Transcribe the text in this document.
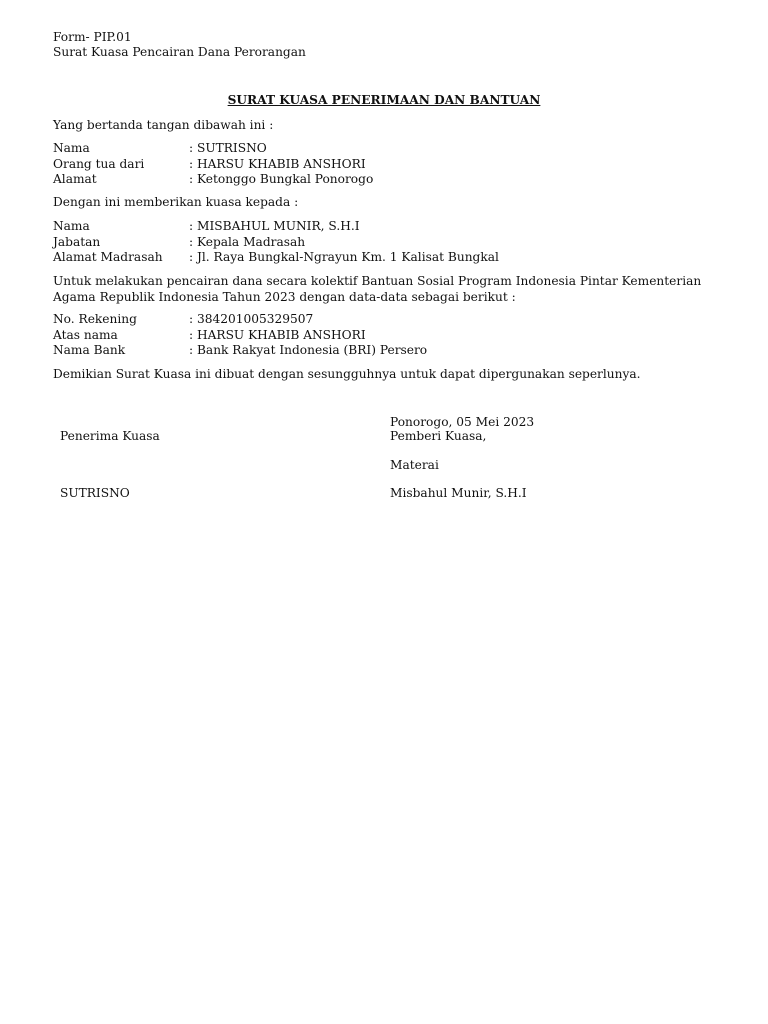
Form- PIP.01
Surat Kuasa Pencairan Dana Perorangan
SURAT KUASA PENERIMAAN DAN BANTUAN
Yang bertanda tangan dibawah ini :
Nama	: SUTRISNO
Orang tua dari	: HARSU KHABIB ANSHORI
Alamat	: Ketonggo Bungkal Ponorogo
Dengan ini memberikan kuasa kepada :
Nama	: MISBAHUL MUNIR, S.H.I
Jabatan	: Kepala Madrasah
Alamat Madrasah	: Jl. Raya Bungkal-Ngrayun Km. 1 Kalisat Bungkal
Untuk melakukan pencairan dana secara kolektif Bantuan Sosial Program Indonesia Pintar Kementerian Agama Republik Indonesia Tahun 2023 dengan data-data sebagai berikut :
No. Rekening	: 384201005329507
Atas nama	: HARSU KHABIB ANSHORI
Nama Bank	: Bank Rakyat Indonesia (BRI) Persero
Demikian Surat Kuasa ini dibuat dengan sesungguhnya untuk dapat dipergunakan seperlunya.
Ponorogo, 05 Mei 2023
Penerima Kuasa	Pemberi Kuasa,
Materai
SUTRISNO	Misbahul Munir, S.H.I
